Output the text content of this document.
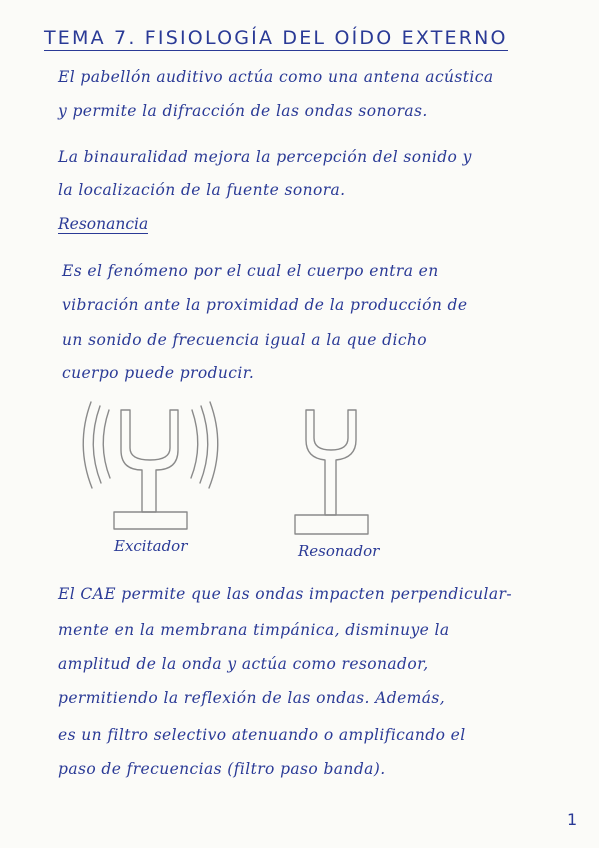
TEMA 7. FISIOLOGÍA DEL OÍDO EXTERNO
El pabellón auditivo actúa como una antena acústica
y permite la difracción de las ondas sonoras.
La binauralidad mejora la percepción del sonido y
la localización de la fuente sonora.
Resonancia
Es el fenómeno por el cual el cuerpo entra en
vibración ante la proximidad de la producción de
un sonido de frecuencia igual a la que dicho
cuerpo puede producir.
Excitador	Resonador
El CAE permite que las ondas impacten perpendicular-
mente en la membrana timpánica, disminuye la
amplitud de la onda y actúa como resonador,
permitiendo la reflexión de las ondas. Además,
es un filtro selectivo atenuando o amplificando el
paso de frecuencias (filtro paso banda).
1
